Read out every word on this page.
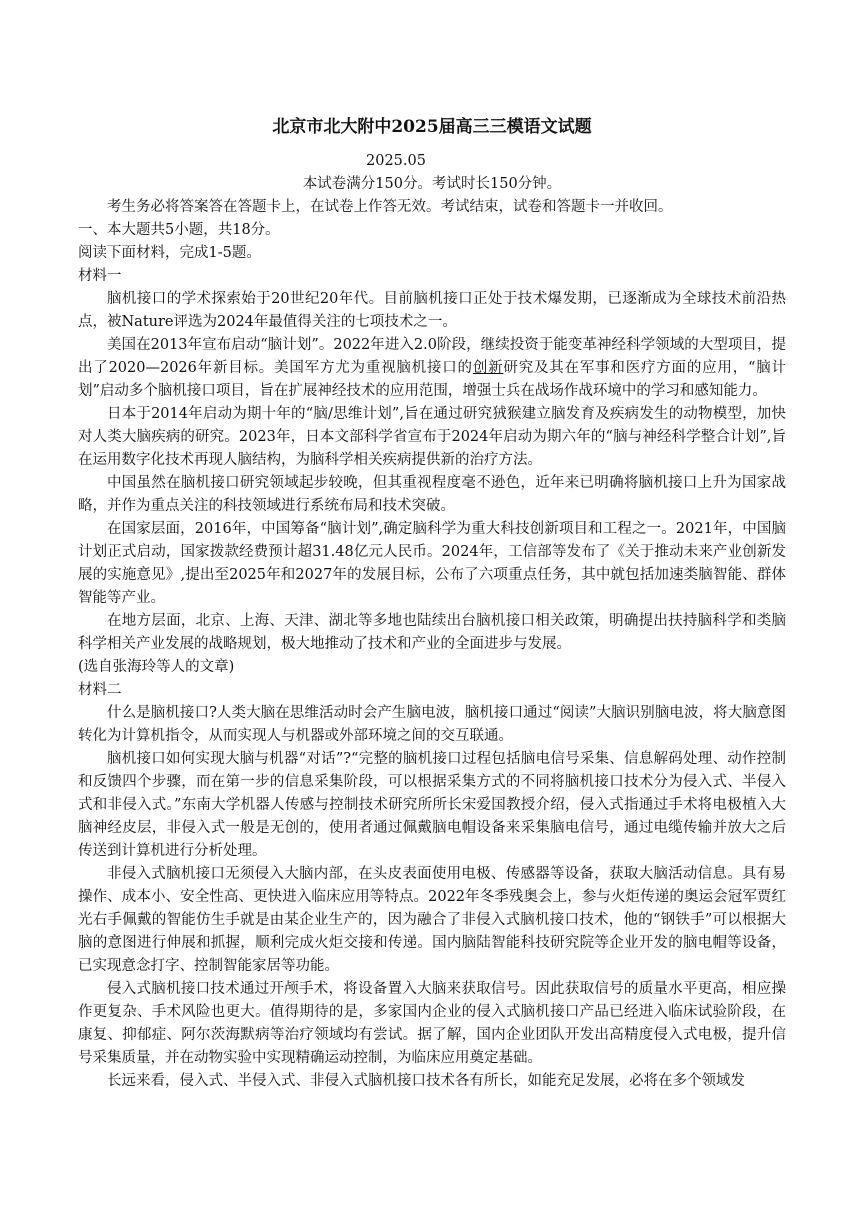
北京市北大附中2025届高三三模语文试题

2025.05

本试卷满分150分。考试时长150分钟。

考生务必将答案答在答题卡上，在试卷上作答无效。考试结束，试卷和答题卡一并收回。

一、本大题共5小题，共18分。

阅读下面材料，完成1-5题。

材料一

脑机接口的学术探索始于20世纪20年代。目前脑机接口正处于技术爆发期，已逐渐成为全球技术前沿热点，被Nature评选为2024年最值得关注的七项技术之一。

美国在2013年宣布启动“脑计划”。2022年进入2.0阶段，继续投资于能变革神经科学领域的大型项目，提出了2020—2026年新目标。美国军方尤为重视脑机接口的创新研究及其在军事和医疗方面的应用，“脑计划”启动多个脑机接口项目，旨在扩展神经技术的应用范围，增强士兵在战场作战环境中的学习和感知能力。

日本于2014年启动为期十年的“脑/思维计划”,旨在通过研究狨猴建立脑发育及疾病发生的动物模型，加快对人类大脑疾病的研究。2023年，日本文部科学省宣布于2024年启动为期六年的“脑与神经科学整合计划”,旨在运用数字化技术再现人脑结构，为脑科学相关疾病提供新的治疗方法。

中国虽然在脑机接口研究领域起步较晚，但其重视程度毫不逊色，近年来已明确将脑机接口上升为国家战略，并作为重点关注的科技领域进行系统布局和技术突破。

在国家层面，2016年，中国筹备“脑计划”,确定脑科学为重大科技创新项目和工程之一。2021年，中国脑计划正式启动，国家拨款经费预计超31.48亿元人民币。2024年，工信部等发布了《关于推动未来产业创新发展的实施意见》,提出至2025年和2027年的发展目标，公布了六项重点任务，其中就包括加速类脑智能、群体智能等产业。

在地方层面，北京、上海、天津、湖北等多地也陆续出台脑机接口相关政策，明确提出扶持脑科学和类脑科学相关产业发展的战略规划，极大地推动了技术和产业的全面进步与发展。

(选自张海玲等人的文章)

材料二

什么是脑机接口?人类大脑在思维活动时会产生脑电波，脑机接口通过“阅读”大脑识别脑电波，将大脑意图转化为计算机指令，从而实现人与机器或外部环境之间的交互联通。

脑机接口如何实现大脑与机器“对话”?“完整的脑机接口过程包括脑电信号采集、信息解码处理、动作控制和反馈四个步骤，而在第一步的信息采集阶段，可以根据采集方式的不同将脑机接口技术分为侵入式、半侵入式和非侵入式。”东南大学机器人传感与控制技术研究所所长宋爱国教授介绍，侵入式指通过手术将电极植入大脑神经皮层，非侵入式一般是无创的，使用者通过佩戴脑电帽设备来采集脑电信号，通过电缆传输并放大之后传送到计算机进行分析处理。

非侵入式脑机接口无须侵入大脑内部，在头皮表面使用电极、传感器等设备，获取大脑活动信息。具有易操作、成本小、安全性高、更快进入临床应用等特点。2022年冬季残奥会上，参与火炬传递的奥运会冠军贾红光右手佩戴的智能仿生手就是由某企业生产的，因为融合了非侵入式脑机接口技术，他的“钢铁手”可以根据大脑的意图进行伸展和抓握，顺利完成火炬交接和传递。国内脑陆智能科技研究院等企业开发的脑电帽等设备，已实现意念打字、控制智能家居等功能。

侵入式脑机接口技术通过开颅手术，将设备置入大脑来获取信号。因此获取信号的质量水平更高，相应操作更复杂、手术风险也更大。值得期待的是，多家国内企业的侵入式脑机接口产品已经进入临床试验阶段，在康复、抑郁症、阿尔茨海默病等治疗领域均有尝试。据了解，国内企业团队开发出高精度侵入式电极，提升信号采集质量，并在动物实验中实现精确运动控制，为临床应用奠定基础。

长远来看，侵入式、半侵入式、非侵入式脑机接口技术各有所长，如能充足发展，必将在多个领域发
